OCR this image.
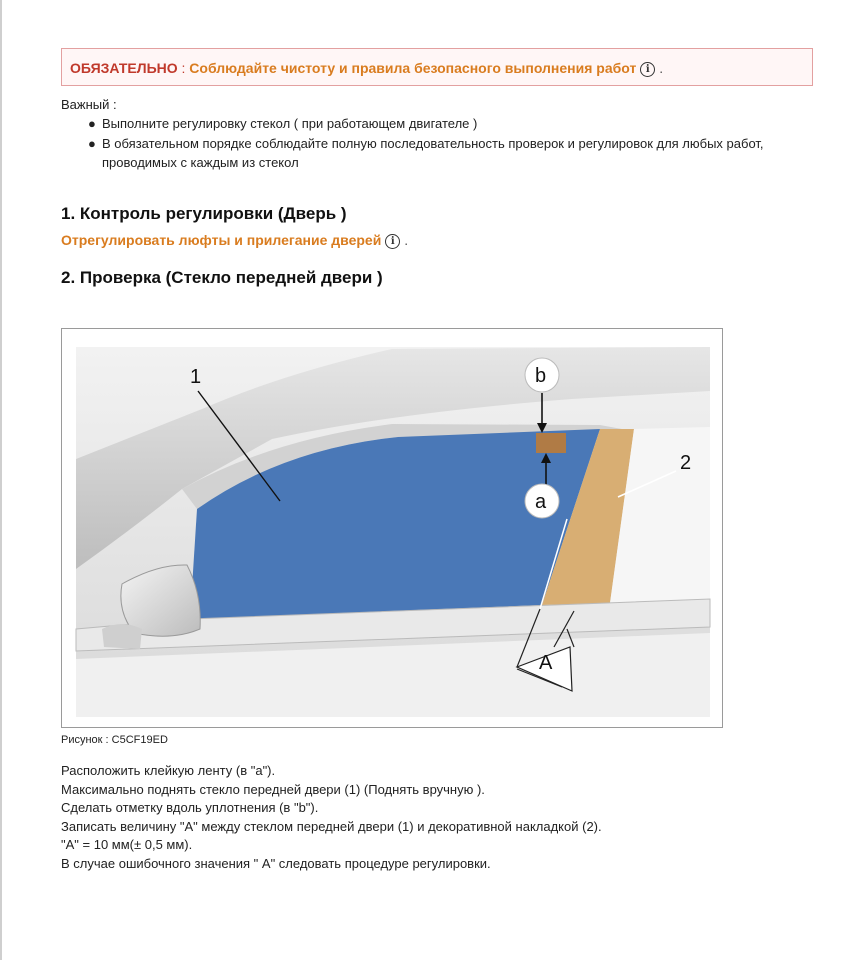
ОБЯЗАТЕЛЬНО : Соблюдайте чистоту и правила безопасного выполнения работ i .
Важный :
● Выполните регулировку стекол ( при работающем двигателе )
● В обязательном порядке соблюдайте полную последовательность проверок и регулировок для любых работ,
проводимых с каждым из стекол
1. Контроль регулировки (Дверь )
Отрегулировать люфты и прилегание дверей i .
2. Проверка (Стекло передней двери )
1
2
b
a
A
Рисунок : C5CF19ED
Расположить клейкую ленту (в "a").
Максимально поднять стекло передней двери (1) (Поднять вручную ).
Сделать отметку вдоль уплотнения (в "b").
Записать величину "A" между стеклом передней двери (1) и декоративной накладкой (2).
"A" = 10 мм(± 0,5 мм).
В случае ошибочного значения " A" следовать процедуре регулировки.
